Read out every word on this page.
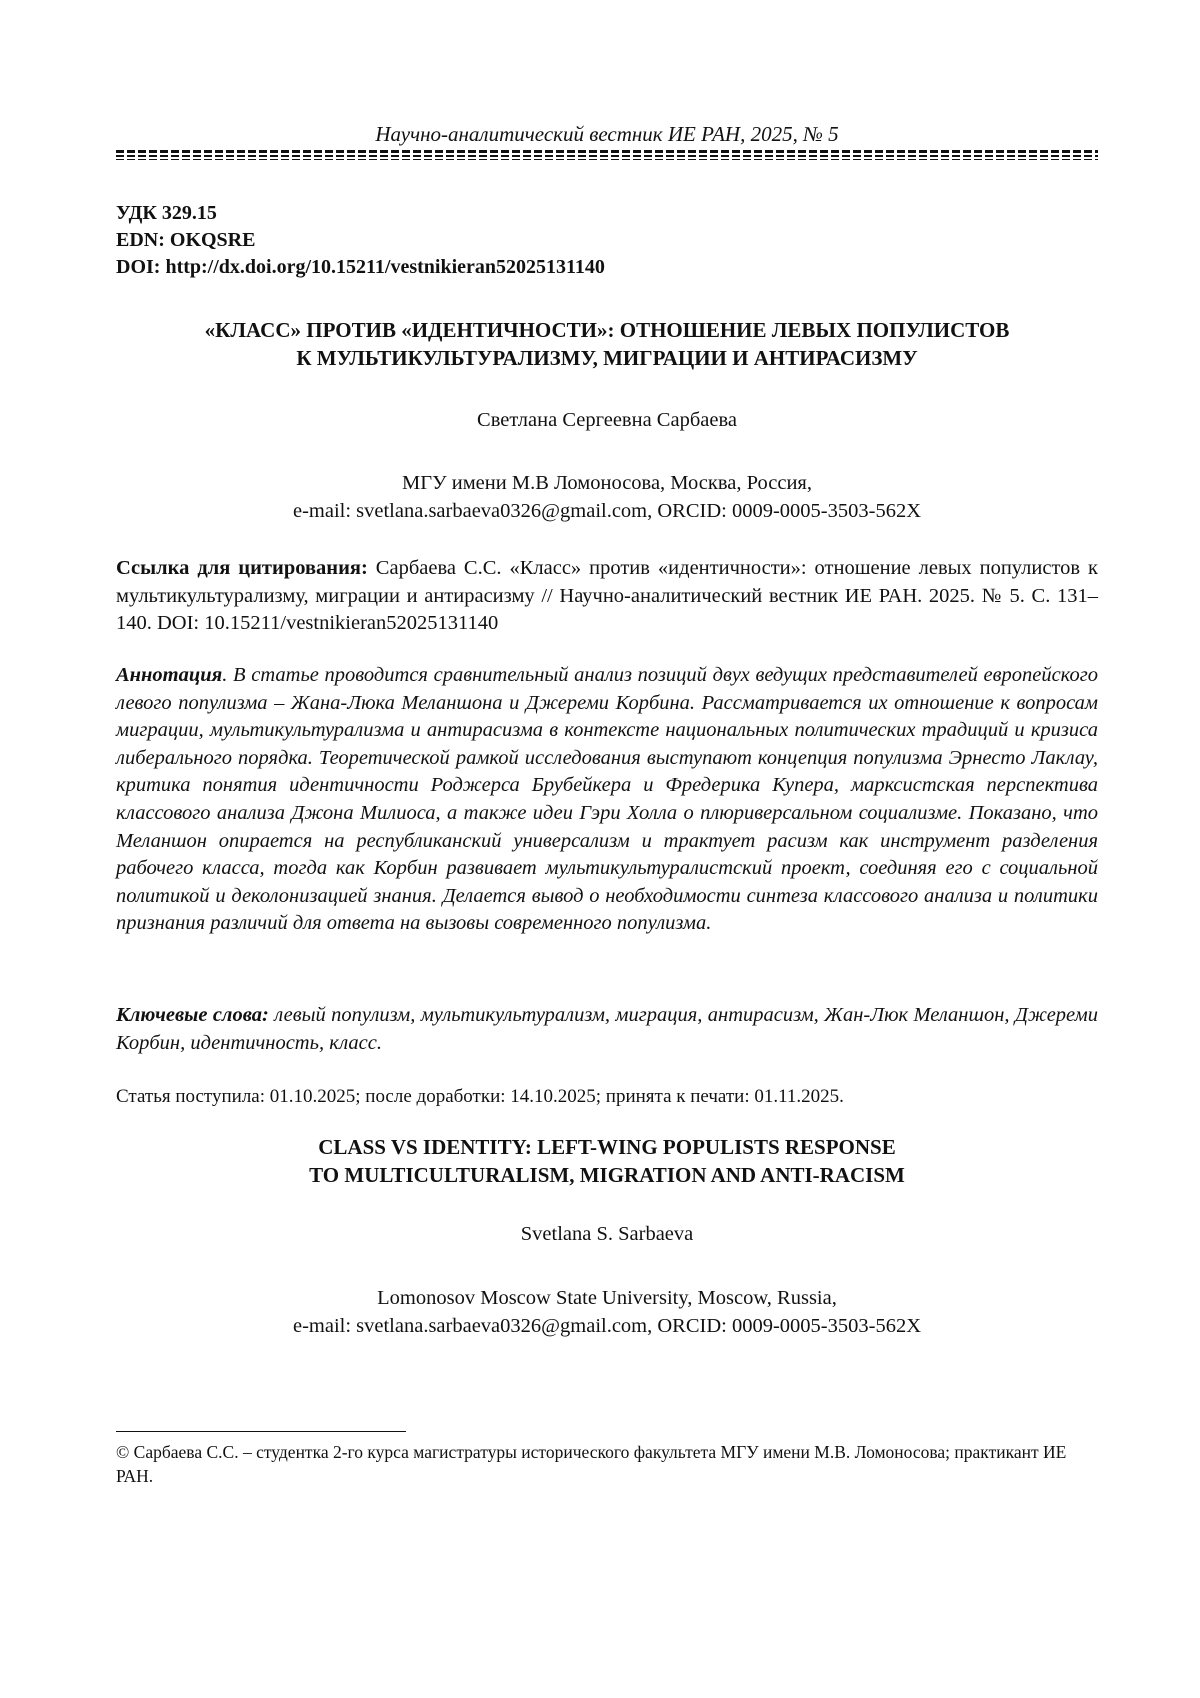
Научно-аналитический вестник ИЕ РАН, 2025, № 5
УДК 329.15
EDN: OKQSRE
DOI: http://dx.doi.org/10.15211/vestnikieran52025131140
«КЛАСС» ПРОТИВ «ИДЕНТИЧНОСТИ»: ОТНОШЕНИЕ ЛЕВЫХ ПОПУЛИСТОВ
К МУЛЬТИКУЛЬТУРАЛИЗМУ, МИГРАЦИИ И АНТИРАСИЗМУ
Светлана Сергеевна Сарбаева
МГУ имени М.В Ломоносова, Москва, Россия,
e-mail: svetlana.sarbaeva0326@gmail.com, ORCID: 0009-0005-3503-562X
Ссылка для цитирования: Сарбаева С.С. «Класс» против «идентичности»: отношение левых популистов к мультикультурализму, миграции и антирасизму // Научно-аналитический вестник ИЕ РАН. 2025. № 5. С. 131–140. DOI: 10.15211/vestnikieran52025131140
Аннотация. В статье проводится сравнительный анализ позиций двух ведущих представителей европейского левого популизма – Жана-Люка Меланшона и Джереми Корбина. Рассматривается их отношение к вопросам миграции, мультикультурализма и антирасизма в контексте национальных политических традиций и кризиса либерального порядка. Теоретической рамкой исследования выступают концепция популизма Эрнесто Лаклау, критика понятия идентичности Роджерса Брубейкера и Фредерика Купера, марксистская перспектива классового анализа Джона Милиоса, а также идеи Гэри Холла о плюриверсальном социализме. Показано, что Меланшон опирается на республиканский универсализм и трактует расизм как инструмент разделения рабочего класса, тогда как Корбин развивает мультикультуралистский проект, соединяя его с социальной политикой и деколонизацией знания. Делается вывод о необходимости синтеза классового анализа и политики признания различий для ответа на вызовы современного популизма.
Ключевые слова: левый популизм, мультикультурализм, миграция, антирасизм, Жан-Люк Меланшон, Джереми Корбин, идентичность, класс.
Статья поступила: 01.10.2025; после доработки: 14.10.2025; принята к печати: 01.11.2025.
CLASS VS IDENTITY: LEFT-WING POPULISTS RESPONSE
TO MULTICULTURALISM, MIGRATION AND ANTI-RACISM
Svetlana S. Sarbaeva
Lomonosov Moscow State University, Moscow, Russia,
e-mail: svetlana.sarbaeva0326@gmail.com, ORCID: 0009-0005-3503-562X
© Сарбаева С.С. – студентка 2-го курса магистратуры исторического факультета МГУ имени М.В. Ломоносова; практикант ИЕ РАН.
